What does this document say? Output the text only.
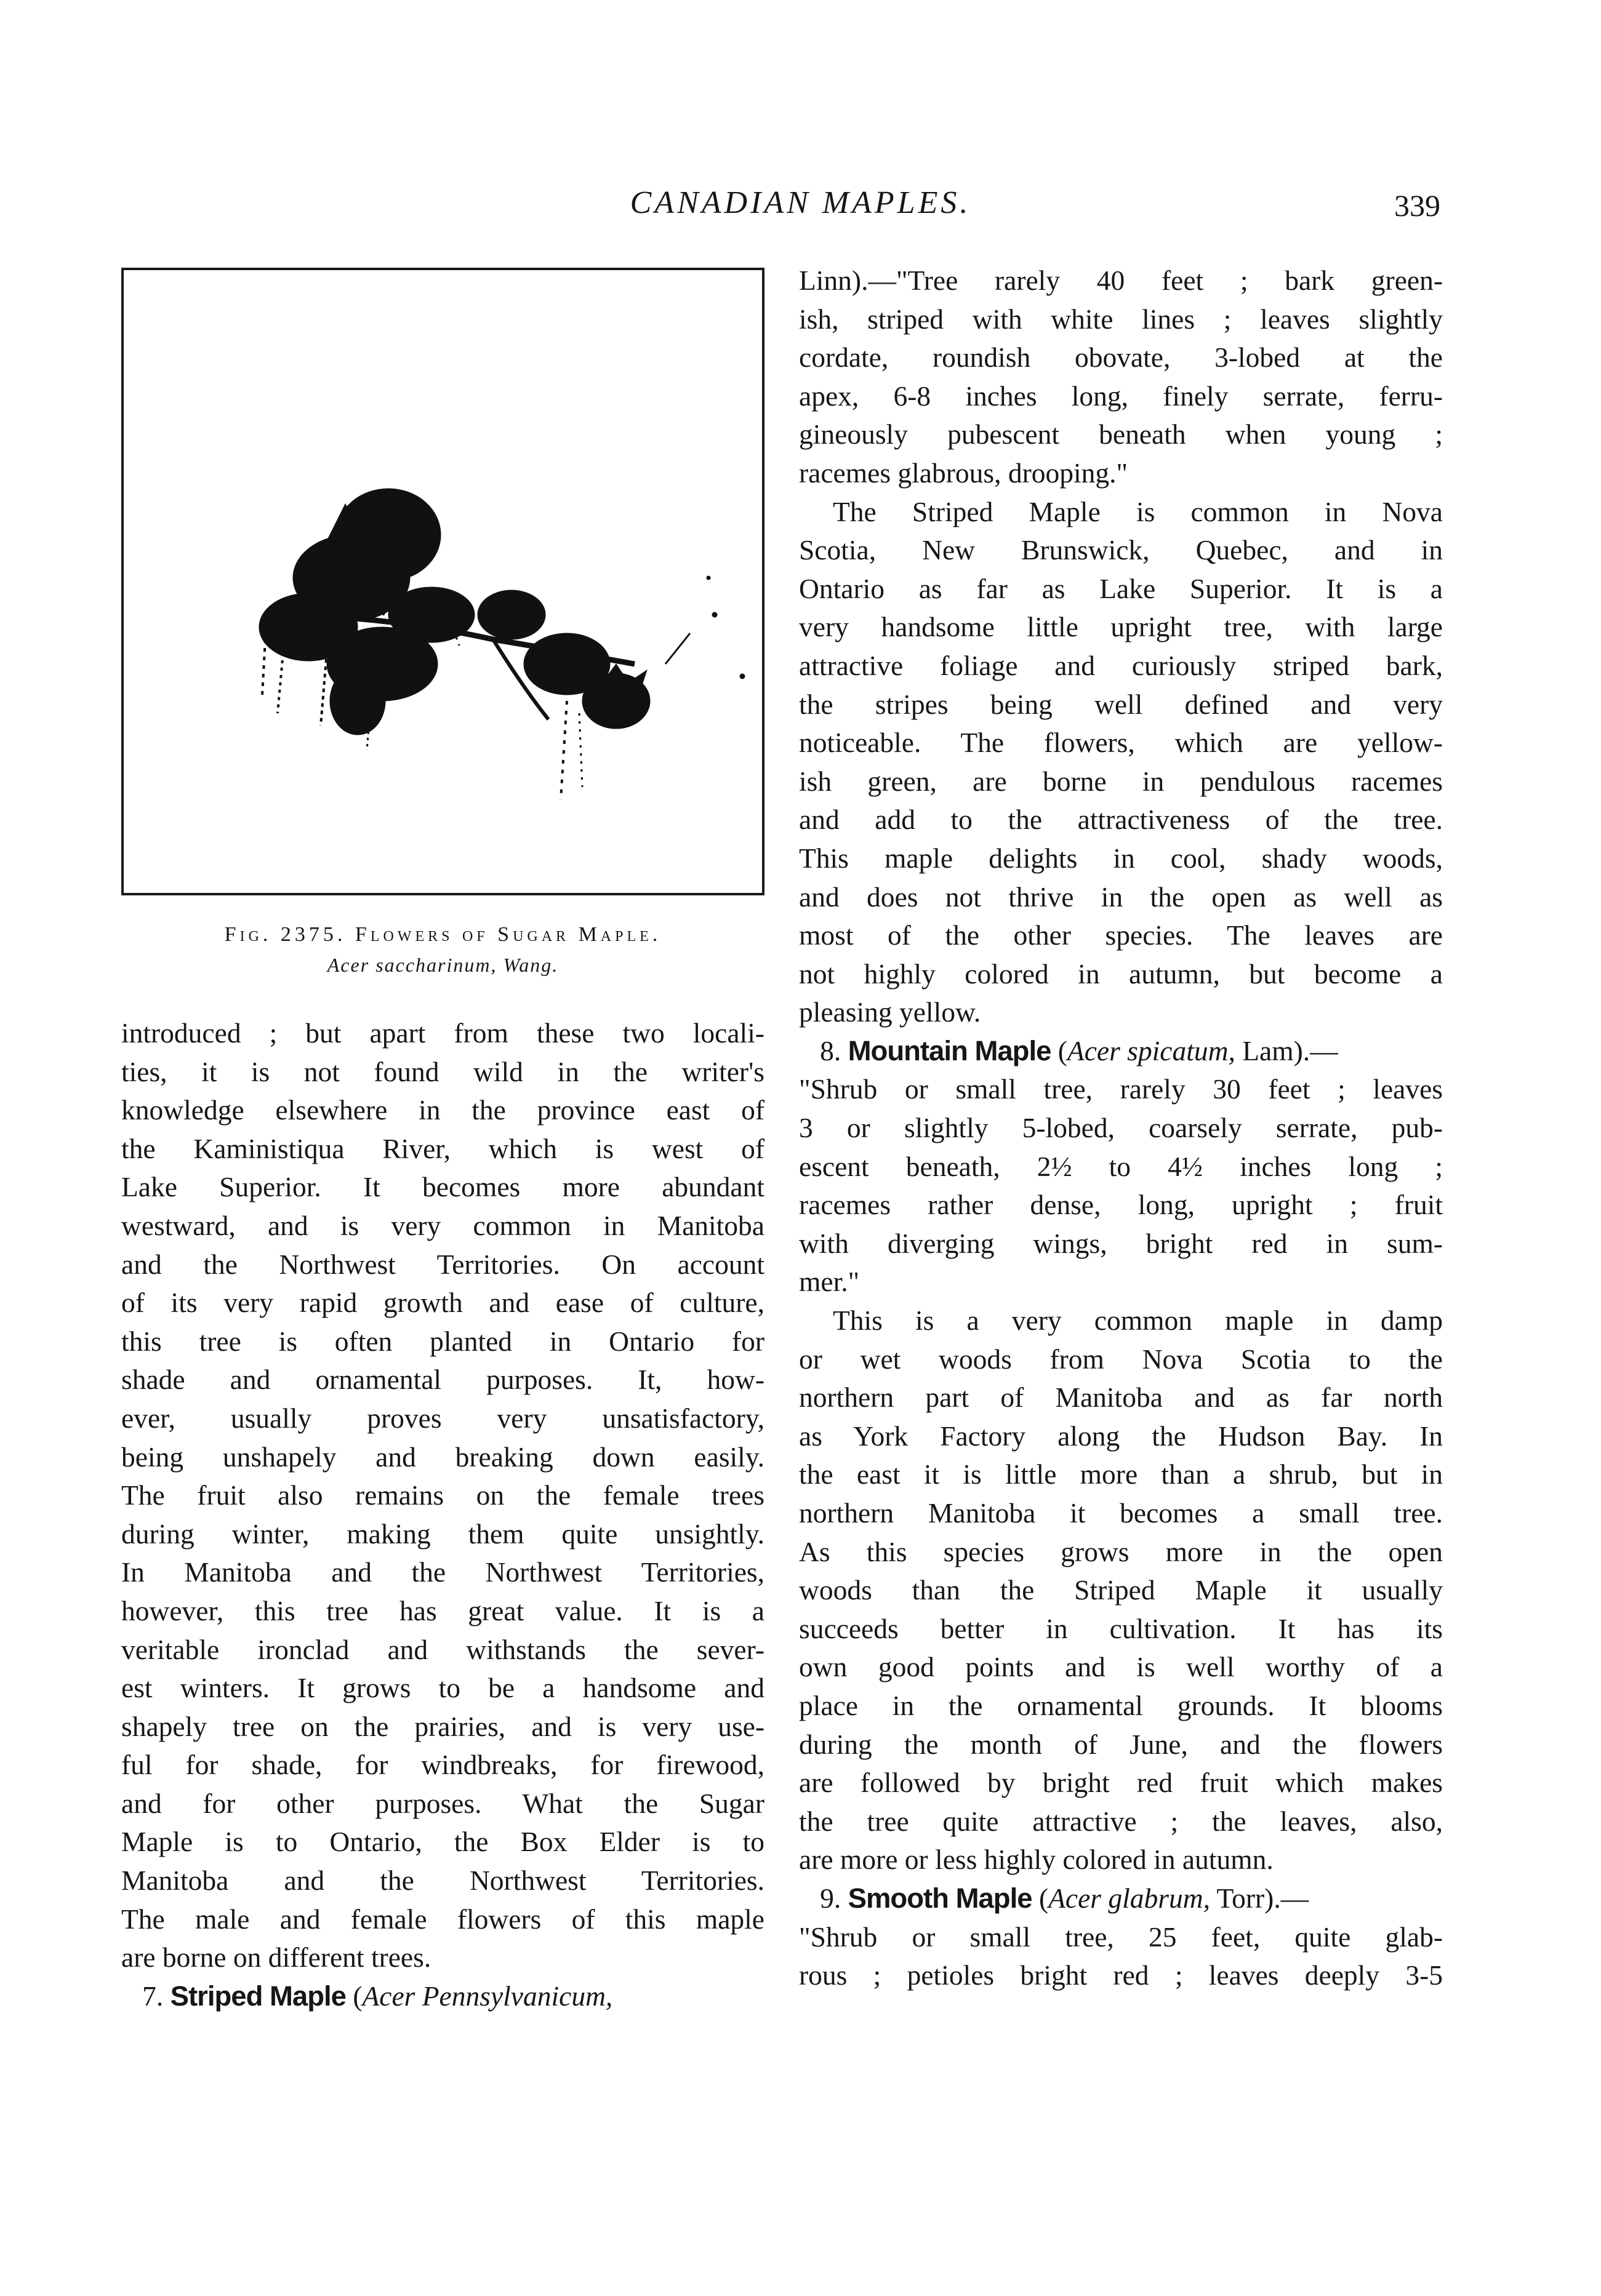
CANADIAN MAPLES.	339
Fig. 2375. Flowers of Sugar Maple.
Acer saccharinum, Wang.
introduced ; but apart from these two locali-
ties, it is not found wild in the writer's
knowledge elsewhere in the province east of
the Kaministiqua River, which is west of
Lake Superior. It becomes more abundant
westward, and is very common in Manitoba
and the Northwest Territories. On account
of its very rapid growth and ease of culture,
this tree is often planted in Ontario for
shade and ornamental purposes. It, how-
ever, usually proves very unsatisfactory,
being unshapely and breaking down easily.
The fruit also remains on the female trees
during winter, making them quite unsightly.
In Manitoba and the Northwest Territories,
however, this tree has great value. It is a
veritable ironclad and withstands the sever-
est winters. It grows to be a handsome and
shapely tree on the prairies, and is very use-
ful for shade, for windbreaks, for firewood,
and for other purposes. What the Sugar
Maple is to Ontario, the Box Elder is to
Manitoba and the Northwest Territories.
The male and female flowers of this maple
are borne on different trees.
7. Striped Maple (Acer Pennsylvanicum,
Linn).—"Tree rarely 40 feet ; bark green-
ish, striped with white lines ; leaves slightly
cordate, roundish obovate, 3-lobed at the
apex, 6-8 inches long, finely serrate, ferru-
gineously pubescent beneath when young ;
racemes glabrous, drooping."
The Striped Maple is common in Nova
Scotia, New Brunswick, Quebec, and in
Ontario as far as Lake Superior. It is a
very handsome little upright tree, with large
attractive foliage and curiously striped bark,
the stripes being well defined and very
noticeable. The flowers, which are yellow-
ish green, are borne in pendulous racemes
and add to the attractiveness of the tree.
This maple delights in cool, shady woods,
and does not thrive in the open as well as
most of the other species. The leaves are
not highly colored in autumn, but become a
pleasing yellow.
8. Mountain Maple (Acer spicatum, Lam).—
"Shrub or small tree, rarely 30 feet ; leaves
3 or slightly 5-lobed, coarsely serrate, pub-
escent beneath, 2½ to 4½ inches long ;
racemes rather dense, long, upright ; fruit
with diverging wings, bright red in sum-
mer."
This is a very common maple in damp
or wet woods from Nova Scotia to the
northern part of Manitoba and as far north
as York Factory along the Hudson Bay. In
the east it is little more than a shrub, but in
northern Manitoba it becomes a small tree.
As this species grows more in the open
woods than the Striped Maple it usually
succeeds better in cultivation. It has its
own good points and is well worthy of a
place in the ornamental grounds. It blooms
during the month of June, and the flowers
are followed by bright red fruit which makes
the tree quite attractive ; the leaves, also,
are more or less highly colored in autumn.
9. Smooth Maple (Acer glabrum, Torr).—
"Shrub or small tree, 25 feet, quite glab-
rous ; petioles bright red ; leaves deeply 3-5
